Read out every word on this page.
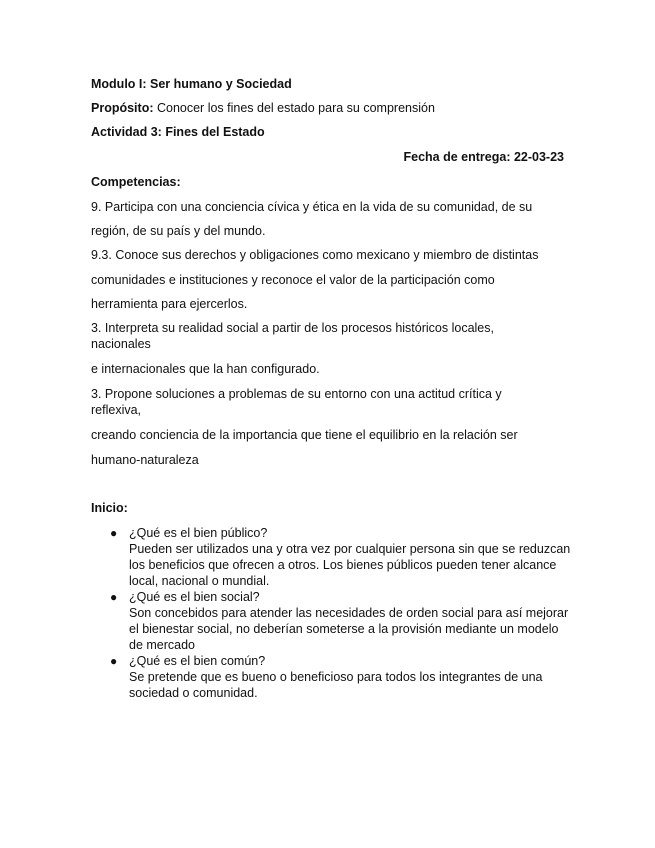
Modulo I: Ser humano y Sociedad
Propósito: Conocer los fines del estado para su comprensión
Actividad 3: Fines del Estado
Fecha de entrega: 22-03-23
Competencias:
9. Participa con una conciencia cívica y ética en la vida de su comunidad, de su
región, de su país y del mundo.
9.3. Conoce sus derechos y obligaciones como mexicano y miembro de distintas
comunidades e instituciones y reconoce el valor de la participación como
herramienta para ejercerlos.
3. Interpreta su realidad social a partir de los procesos históricos locales,
nacionales
e internacionales que la han configurado.
3. Propone soluciones a problemas de su entorno con una actitud crítica y
reflexiva,
creando conciencia de la importancia que tiene el equilibrio en la relación ser
humano-naturaleza
Inicio:
● ¿Qué es el bien público?
Pueden ser utilizados una y otra vez por cualquier persona sin que se reduzcan los beneficios que ofrecen a otros. Los bienes públicos pueden tener alcance local, nacional o mundial.
● ¿Qué es el bien social?
Son concebidos para atender las necesidades de orden social para así mejorar el bienestar social, no deberían someterse a la provisión mediante un modelo de mercado
● ¿Qué es el bien común?
Se pretende que es bueno o beneficioso para todos los integrantes de una sociedad o comunidad.
